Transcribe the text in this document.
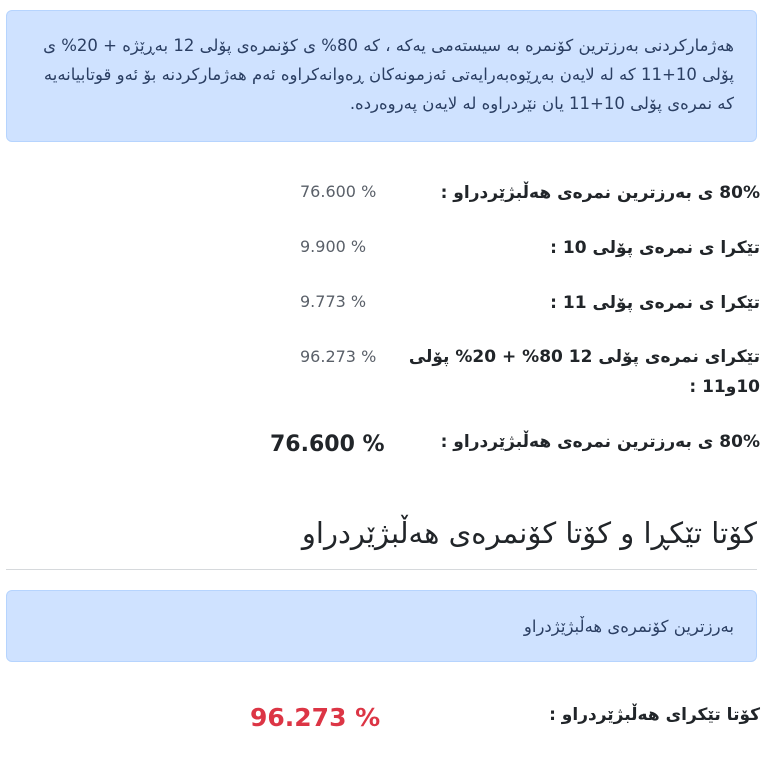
هەژمارکردنی بەرزترین کۆنمرە بە سیستەمی یەکە ، کە 80% ی کۆنمرەی پۆلی 12 بەڕێژە + 20% ی پۆلی 10+11 کە لە لایەن بەڕێوەبەرایەتی ئەزمونەکان ڕەوانەکراوە ئەم هەژمارکردنە بۆ ئەو قوتابیانەیە کە نمرەی پۆلی 10+11 یان نێردراوە لە لایەن پەروەردە.
80% ی بەرزترین نمرەی هەڵبژێردراو :
76.600 %
تێکرا ی نمرەی پۆلی 10 :
9.900 %
تێکرا ی نمرەی پۆلی 11 :
9.773 %
تێکرای نمرەی پۆلی 12 80% + 20% پۆلی 10و11 :
96.273 %
80% ی بەرزترین نمرەی هەڵبژێردراو :
76.600 %
کۆتا تێکڕا و کۆتا کۆنمرەی هەڵبژێردراو
بەرزترین کۆنمرەی هەڵبژێژدراو
کۆتا تێکرای هەڵبژێردراو :
96.273 %
